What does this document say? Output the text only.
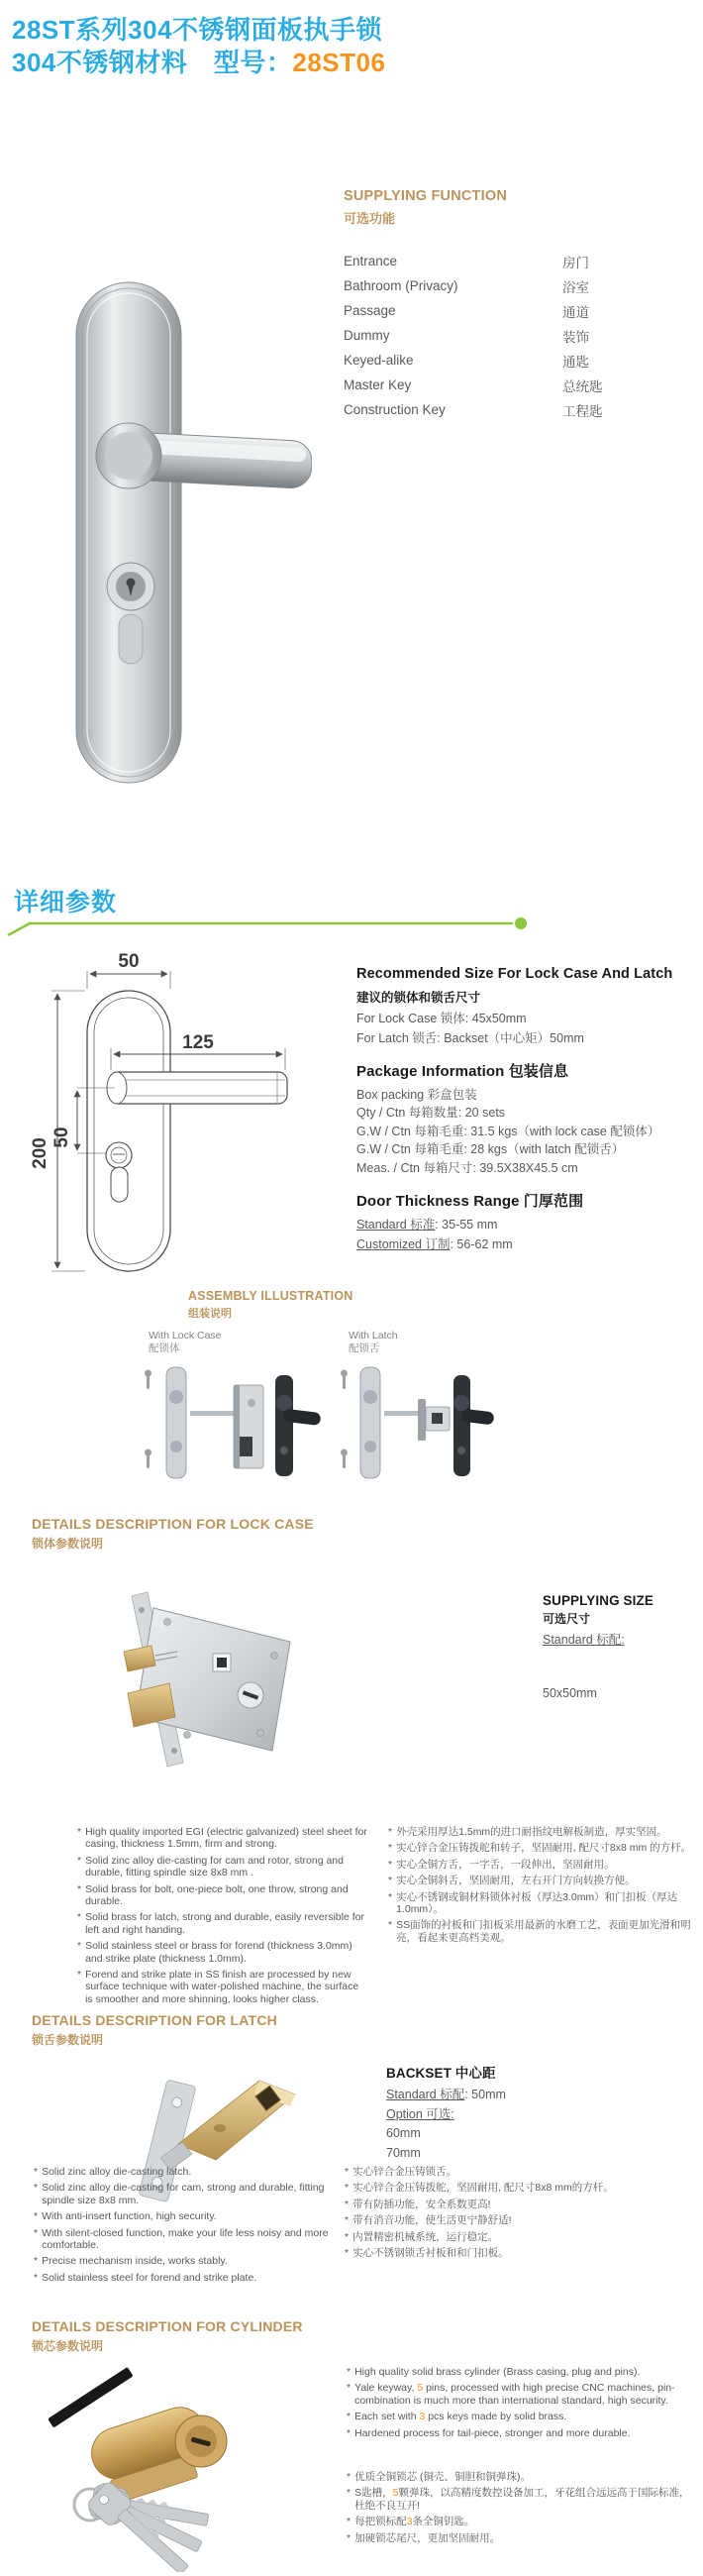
28ST系列304不锈钢面板执手锁
304不锈钢材料　型号：28ST06
SUPPLYING FUNCTION
可选功能
Entrance	房门
Bathroom (Privacy)	浴室
Passage	通道
Dummy	装饰
Keyed-alike	通匙
Master Key	总统匙
Construction Key	工程匙
详细参数
50
125
200
50
Recommended Size For Lock Case And Latch
建议的锁体和锁舌尺寸
For Lock Case 锁体: 45x50mm
For Latch 锁舌: Backset（中心矩）50mm
Package Information 包装信息
Box packing 彩盒包装
Qty / Ctn 每箱数量: 20 sets
G.W / Ctn 每箱毛重: 31.5 kgs（with lock case 配锁体）
G.W / Ctn 每箱毛重: 28 kgs（with latch 配锁舌）
Meas. / Ctn 每箱尺寸: 39.5X38X45.5 cm
Door Thickness Range 门厚范围
Standard 标准: 35-55 mm
Customized 订制: 56-62 mm
ASSEMBLY ILLUSTRATION
组装说明
With Lock Case
配锁体
With Latch
配锁舌
DETAILS DESCRIPTION FOR LOCK CASE
锁体参数说明
SUPPLYING SIZE
可选尺寸
Standard 标配:
50x50mm
* High quality imported EGI (electric galvanized) steel sheet for casing, thickness 1.5mm, firm and strong.
* Solid zinc alloy die-casting for cam and rotor, strong and durable, fitting spindle size 8x8 mm .
* Solid brass for bolt, one-piece bolt, one throw, strong and durable.
* Solid brass for latch, strong and durable, easily reversible for left and right handing.
* Solid stainless steel or brass for forend (thickness 3.0mm) and strike plate (thickness 1.0mm).
* Forend and strike plate in SS finish are processed by new surface technique with water-polished machine, the surface is smoother and more shinning, looks higher class.
* 外壳采用厚达1.5mm的进口耐指纹电解板制造，厚实坚固。
* 实心锌合金压铸拨舵和转子，坚固耐用, 配尺寸8x8 mm 的方杆。
* 实心全铜方舌，一字舌，一段伸出，坚固耐用。
* 实心全铜斜舌，坚固耐用，左右开门方向转换方便。
* 实心不锈钢或铜材料锁体衬板（厚达3.0mm）和门扣板（厚达1.0mm）。
* SS面饰的衬板和门扣板采用最新的水磨工艺，表面更加光滑和明亮，看起来更高档美观。
DETAILS DESCRIPTION FOR LATCH
锁舌参数说明
BACKSET 中心距
Standard 标配: 50mm
Option 可选:
60mm
70mm
* Solid zinc alloy die-casting latch.
* Solid zinc alloy die-casting for cam, strong and durable, fitting spindle size 8x8 mm.
* With anti-insert function, high security.
* With silent-closed function, make your life less noisy and more comfortable.
* Precise mechanism inside, works stably.
* Solid stainless steel for forend and strike plate.
* 实心锌合金压铸锁舌。
* 实心锌合金压铸拨舵，坚固耐用, 配尺寸8x8 mm的方杆。
* 带有防插功能，安全系数更高!
* 带有消音功能，使生活更宁静舒适!
* 内置精密机械系统，运行稳定。
* 实心不锈钢锁舌衬板和和门扣板。
DETAILS DESCRIPTION FOR CYLINDER
锁芯参数说明
* High quality solid brass cylinder (Brass casing, plug and pins).
* Yale keyway, 5 pins, processed with high precise CNC machines, pin-combination is much more than international standard, high security.
* Each set with 3 pcs keys made by solid brass.
* Hardened process for tail-piece, stronger and more durable.
* 优质全铜锁芯 (铜壳、铜胆和铜弹珠)。
* S匙槽，5颗弹珠，以高精度数控设备加工，牙花组合远远高于国际标准，杜绝不良互开!
* 每把锁标配3条全铜钥匙。
* 加硬锁芯尾尺，更加坚固耐用。
